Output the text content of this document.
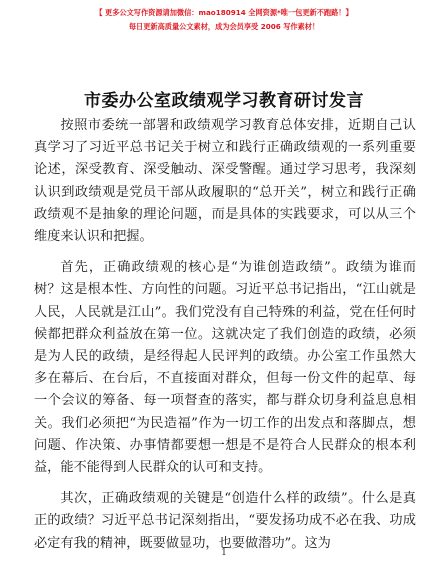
【 更多公文写作资源请加微信：mao180914 全网资源*唯一包更新不跑路！】
每日更新高质量公文素材，成为会员享受 2006 写作素材！
市委办公室政绩观学习教育研讨发言

按照市委统一部署和政绩观学习教育总体安排，近期自己认真学习了习近平总书记关于树立和践行正确政绩观的一系列重要论述，深受教育、深受触动、深受警醒。通过学习思考，我深刻认识到政绩观是党员干部从政履职的“总开关”，树立和践行正确政绩观不是抽象的理论问题，而是具体的实践要求，可以从三个维度来认识和把握。

首先，正确政绩观的核心是“为谁创造政绩”。政绩为谁而树？这是根本性、方向性的问题。习近平总书记指出，“江山就是人民，人民就是江山”。我们党没有自己特殊的利益，党在任何时候都把群众利益放在第一位。这就决定了我们创造的政绩，必须是为人民的政绩，是经得起人民评判的政绩。办公室工作虽然大多在幕后、在台后，不直接面对群众，但每一份文件的起草、每一个会议的筹备、每一项督查的落实，都与群众切身利益息息相关。我们必须把“为民造福”作为一切工作的出发点和落脚点，想问题、作决策、办事情都要想一想是不是符合人民群众的根本利益，能不能得到人民群众的认可和支持。

其次，正确政绩观的关键是“创造什么样的政绩”。什么是真正的政绩？习近平总书记深刻指出，“要发扬功成不必在我、功成必定有我的精神，既要做显功，也要做潜功”。这为

1
